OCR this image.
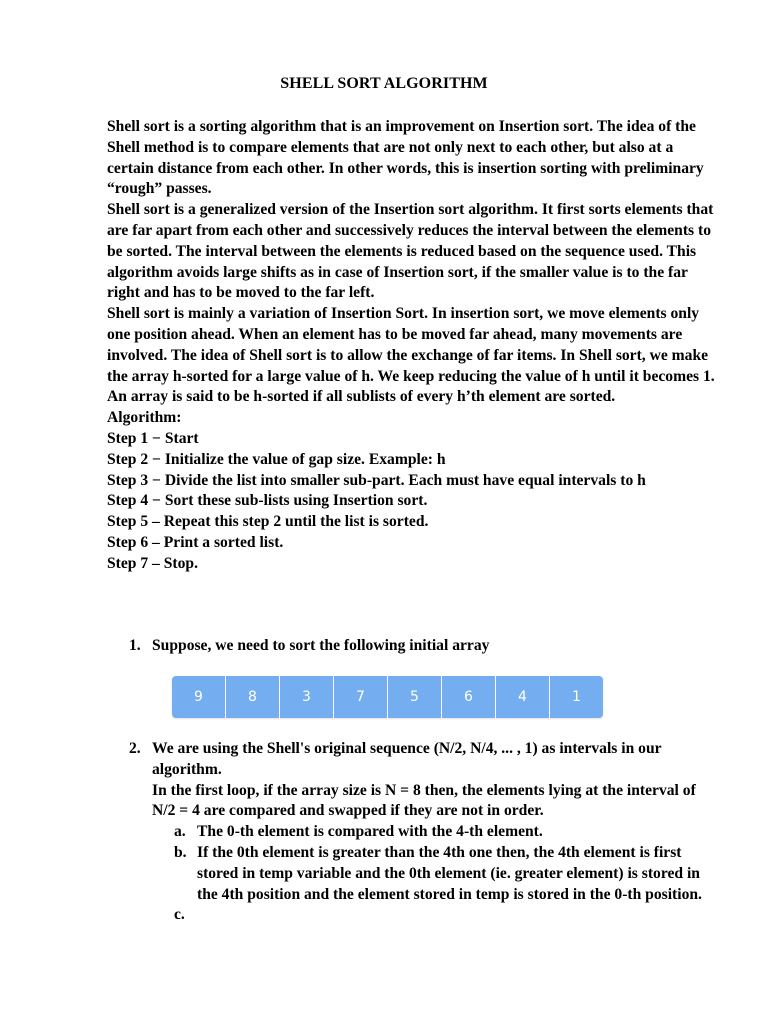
SHELL SORT ALGORITHM

Shell sort is a sorting algorithm that is an improvement on Insertion sort. The idea of the Shell method is to compare elements that are not only next to each other, but also at a certain distance from each other. In other words, this is insertion sorting with preliminary “rough” passes.

Shell sort is a generalized version of the Insertion sort algorithm. It first sorts elements that are far apart from each other and successively reduces the interval between the elements to be sorted. The interval between the elements is reduced based on the sequence used. This algorithm avoids large shifts as in case of Insertion sort, if the smaller value is to the far right and has to be moved to the far left.

Shell sort is mainly a variation of Insertion Sort. In insertion sort, we move elements only one position ahead. When an element has to be moved far ahead, many movements are involved. The idea of Shell sort is to allow the exchange of far items. In Shell sort, we make the array h-sorted for a large value of h. We keep reducing the value of h until it becomes 1. An array is said to be h-sorted if all sublists of every h’th element are sorted.

Algorithm:
Step 1 − Start
Step 2 − Initialize the value of gap size. Example: h
Step 3 − Divide the list into smaller sub-part. Each must have equal intervals to h
Step 4 − Sort these sub-lists using Insertion sort.
Step 5 – Repeat this step 2 until the list is sorted.
Step 6 – Print a sorted list.
Step 7 – Stop.
1. Suppose, we need to sort the following initial array
9	8	3	7	5	6	4	1
2. We are using the Shell's original sequence (N/2, N/4, ... , 1) as intervals in our algorithm.
In the first loop, if the array size is N = 8 then, the elements lying at the interval of N/2 = 4 are compared and swapped if they are not in order.
a. The 0-th element is compared with the 4-th element.
b. If the 0th element is greater than the 4th one then, the 4th element is first stored in temp variable and the 0th element (ie. greater element) is stored in the 4th position and the element stored in temp is stored in the 0-th position.
c.
